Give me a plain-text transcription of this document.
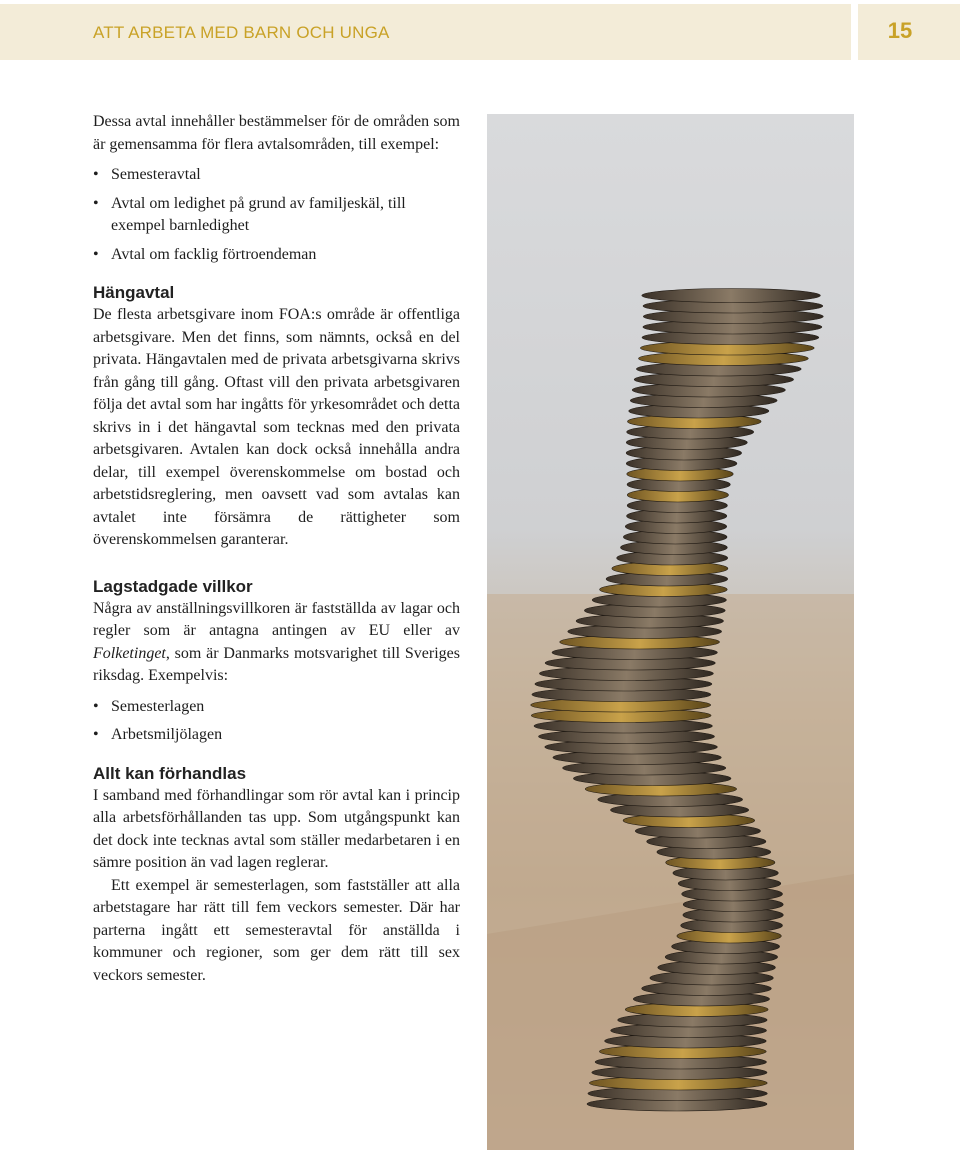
ATT ARBETA MED BARN OCH UNGA	15

Dessa avtal innehåller bestämmelser för de områden som är gemensamma för flera avtalsområden, till exempel:

• Semesteravtal
• Avtal om ledighet på grund av familjeskäl, till exempel barnledighet
• Avtal om facklig förtroendeman
Hängavtal

De flesta arbetsgivare inom FOA:s område är offentliga arbetsgivare. Men det finns, som nämnts, också en del privata. Hängavtalen med de privata arbetsgivarna skrivs från gång till gång. Oftast vill den privata arbetsgivaren följa det avtal som har ingåtts för yrkesområdet och detta skrivs in i det hängavtal som tecknas med den privata arbetsgivaren. Avtalen kan dock också innehålla andra delar, till exempel överenskommelse om bostad och arbetstidsreglering, men oavsett vad som avtalas kan avtalet inte försämra de rättigheter som överenskommelsen garanterar.

Lagstadgade villkor

Några av anställningsvillkoren är fastställda av lagar och regler som är antagna antingen av EU eller av Folketinget, som är Danmarks motsvarighet till Sveriges riksdag. Exempelvis:

• Semesterlagen
• Arbetsmiljölagen
Allt kan förhandlas

I samband med förhandlingar som rör avtal kan i princip alla arbetsförhållanden tas upp. Som utgångspunkt kan det dock inte tecknas avtal som ställer medarbetaren i en sämre position än vad lagen reglerar.

Ett exempel är semesterlagen, som fastställer att alla arbetstagare har rätt till fem veckors semester. Där har parterna ingått ett semesteravtal för anställda i kommuner och regioner, som ger dem rätt till sex veckors semester.
